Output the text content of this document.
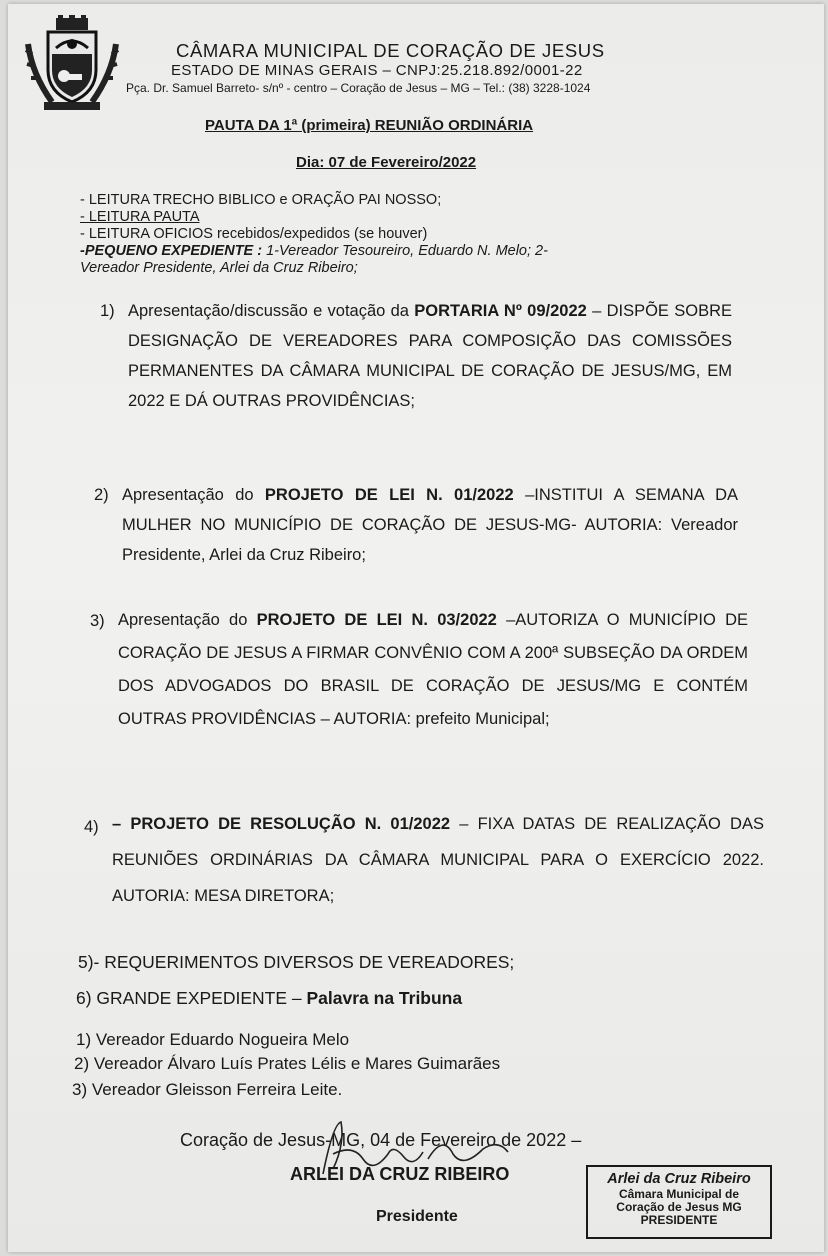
CÂMARA MUNICIPAL DE CORAÇÃO DE JESUS
ESTADO DE MINAS GERAIS – CNPJ:25.218.892/0001-22
Pça. Dr. Samuel Barreto- s/nº - centro – Coração de Jesus – MG – Tel.: (38) 3228-1024
PAUTA DA 1ª (primeira) REUNIÃO ORDINÁRIA
Dia: 07 de Fevereiro/2022
- LEITURA TRECHO BIBLICO e ORAÇÃO PAI NOSSO;
- LEITURA PAUTA
- LEITURA OFICIOS recebidos/expedidos (se houver)
-PEQUENO EXPEDIENTE : 1-Vereador Tesoureiro, Eduardo N. Melo; 2-
Vereador Presidente, Arlei da Cruz Ribeiro;
1) Apresentação/discussão e votação da PORTARIA Nº 09/2022 – DISPÕE SOBRE DESIGNAÇÃO DE VEREADORES PARA COMPOSIÇÃO DAS COMISSÕES PERMANENTES DA CÂMARA MUNICIPAL DE CORAÇÃO DE JESUS/MG, EM 2022 E DÁ OUTRAS PROVIDÊNCIAS;
2) Apresentação do PROJETO DE LEI N. 01/2022 –INSTITUI A SEMANA DA MULHER NO MUNICÍPIO DE CORAÇÃO DE JESUS-MG- AUTORIA: Vereador Presidente, Arlei da Cruz Ribeiro;
3) Apresentação do PROJETO DE LEI N. 03/2022 –AUTORIZA O MUNICÍPIO DE CORAÇÃO DE JESUS A FIRMAR CONVÊNIO COM A 200ª SUBSEÇÃO DA ORDEM DOS ADVOGADOS DO BRASIL DE CORAÇÃO DE JESUS/MG E CONTÉM OUTRAS PROVIDÊNCIAS – AUTORIA: prefeito Municipal;
4) – PROJETO DE RESOLUÇÃO N. 01/2022 – FIXA DATAS DE REALIZAÇÃO DAS REUNIÕES ORDINÁRIAS DA CÂMARA MUNICIPAL PARA O EXERCÍCIO 2022. AUTORIA: MESA DIRETORA;
5)- REQUERIMENTOS DIVERSOS DE VEREADORES;
6) GRANDE EXPEDIENTE – Palavra na Tribuna
1) Vereador Eduardo Nogueira Melo
2) Vereador Álvaro Luís Prates Lélis e Mares Guimarães
3) Vereador Gleisson Ferreira Leite.
Coração de Jesus-MG, 04 de Fevereiro de 2022 –
ARLEI DA CRUZ RIBEIRO
Presidente
Arlei da Cruz Ribeiro
Câmara Municipal de
Coração de Jesus MG
PRESIDENTE
